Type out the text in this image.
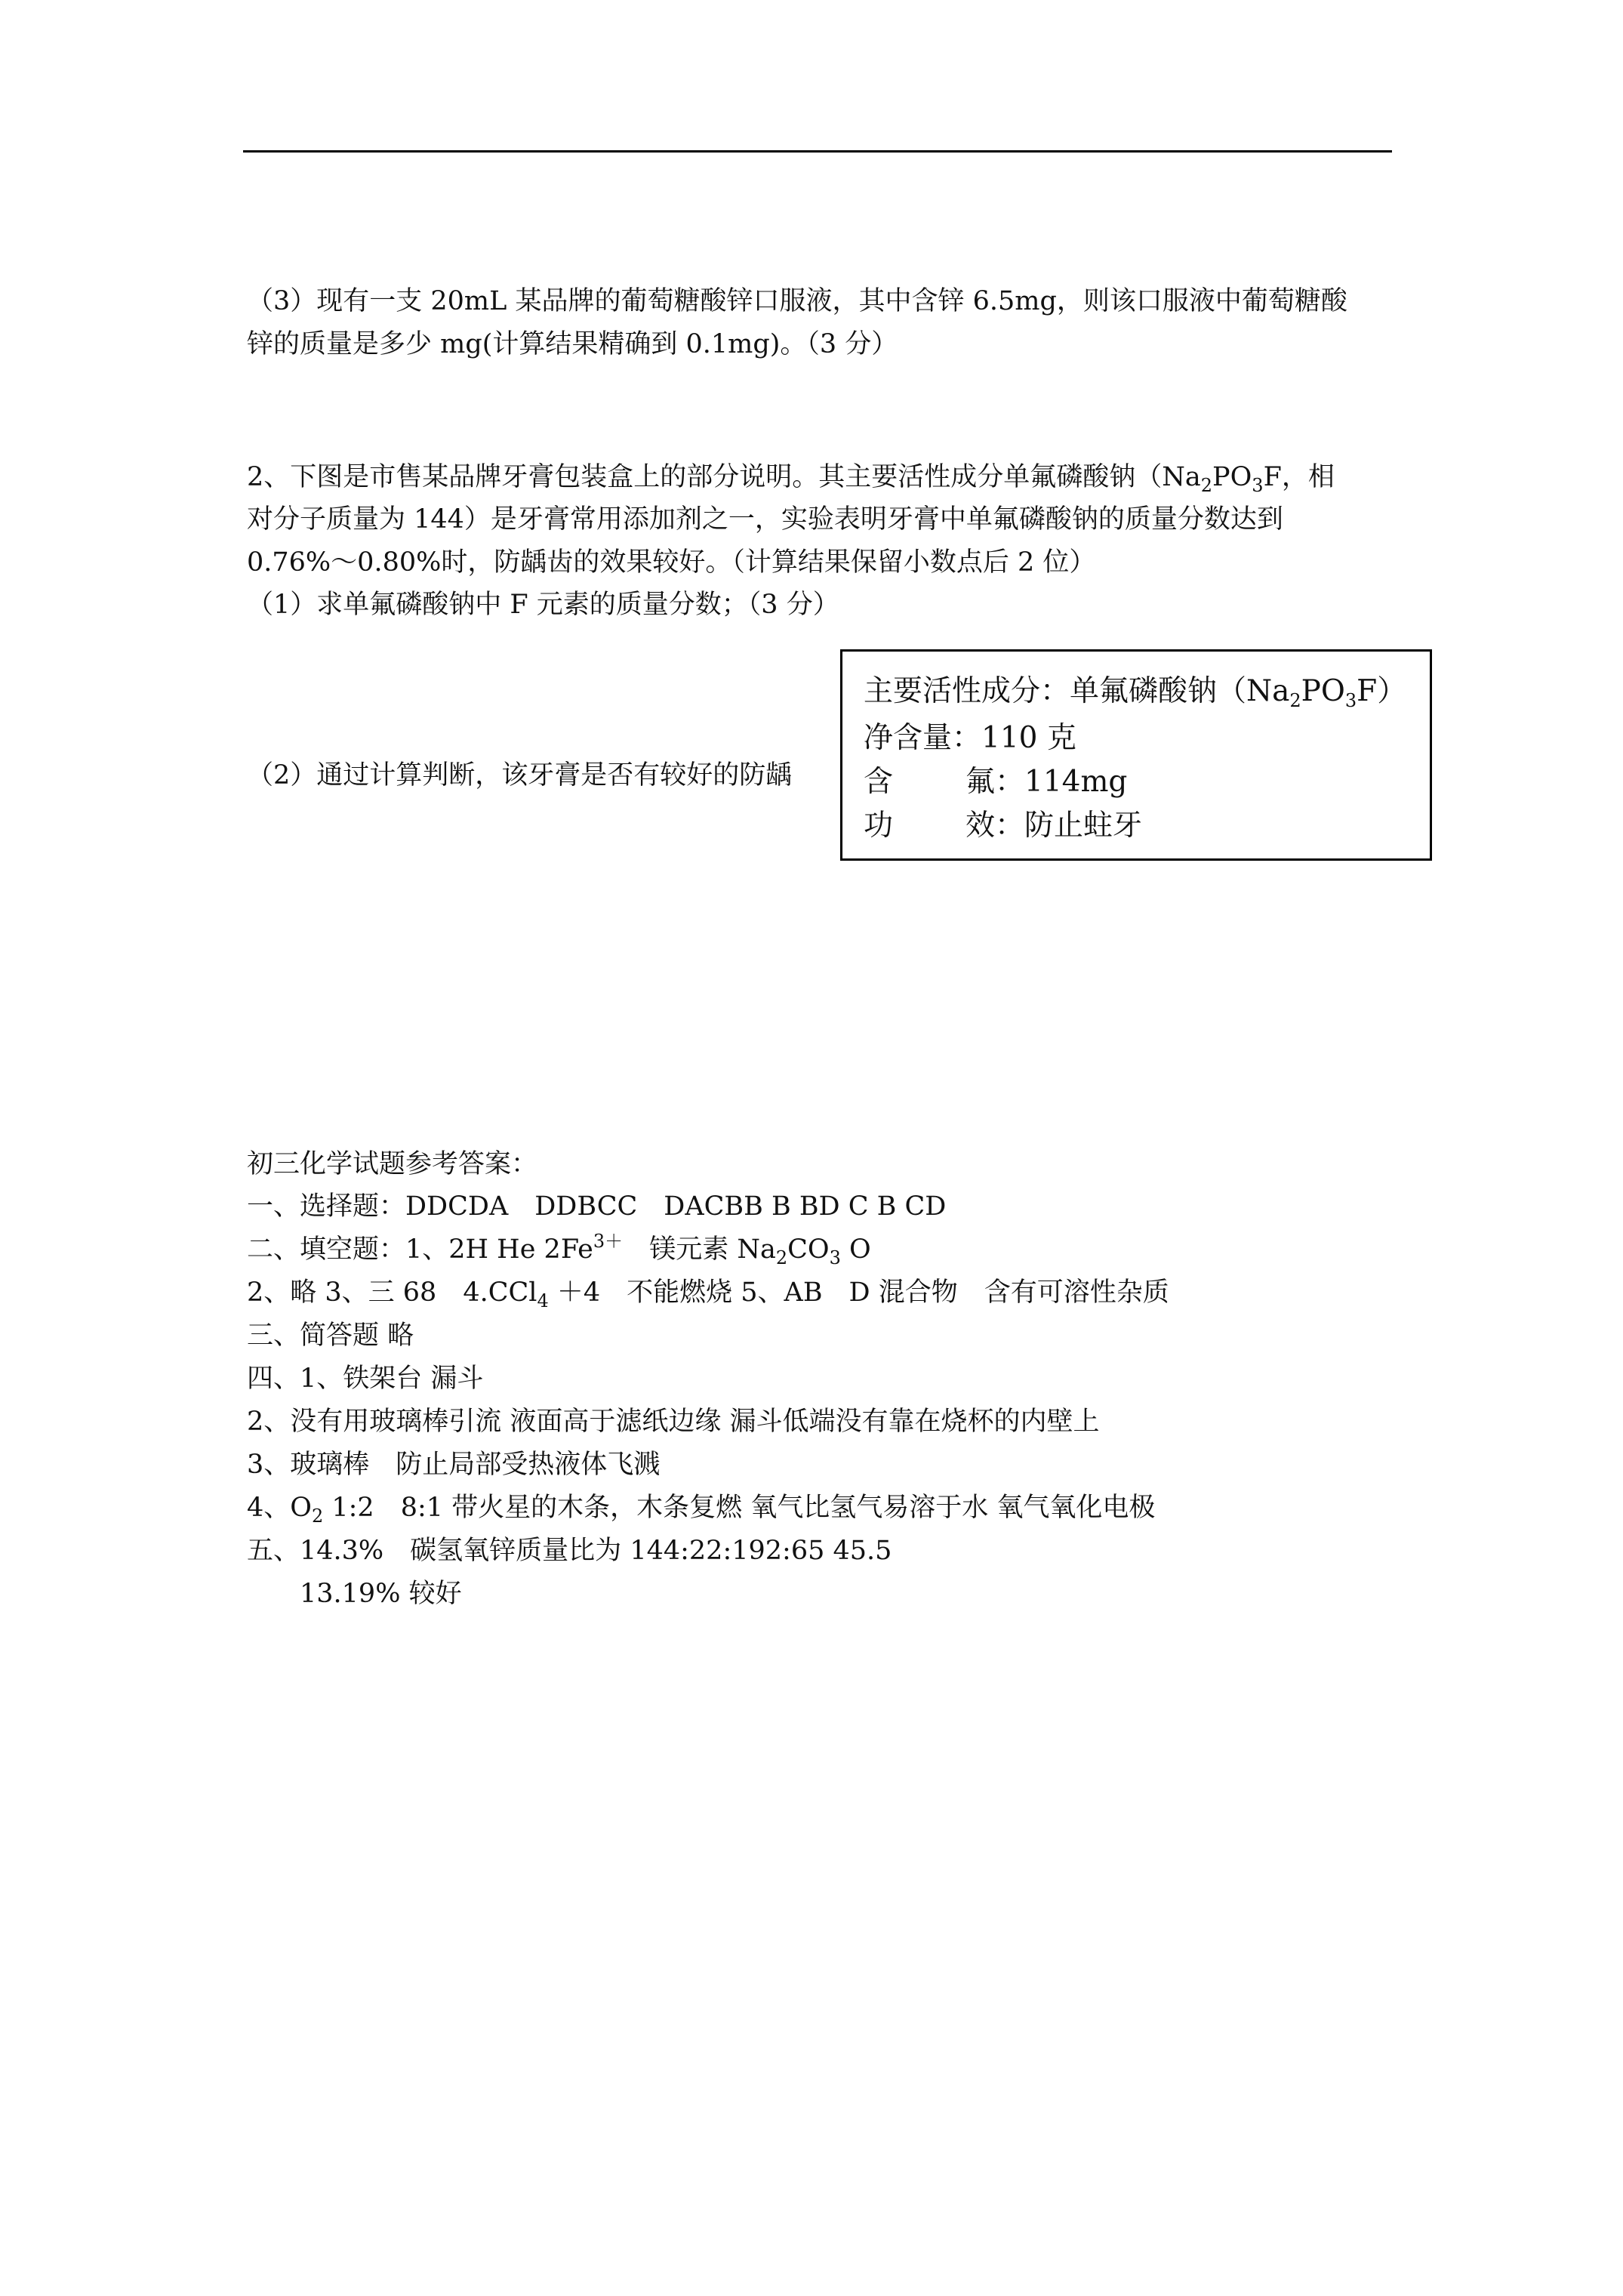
（3）现有一支 20mL 某品牌的葡萄糖酸锌口服液，其中含锌 6.5mg，则该口服液中葡萄糖酸
锌的质量是多少 mg(计算结果精确到 0.1mg)。（3 分）
2、下图是市售某品牌牙膏包装盒上的部分说明。其主要活性成分单氟磷酸钠（$Na_2PO_3F$，相
对分子质量为 144）是牙膏常用添加剂之一，实验表明牙膏中单氟磷酸钠的质量分数达到
0.76%～0.80%时，防龋齿的效果较好。（计算结果保留小数点后 2 位）
（1）求单氟磷酸钠中 F 元素的质量分数；（3 分）
（2）通过计算判断，该牙膏是否有较好的防龋
主要活性成分：单氟磷酸钠$(Na_2PO_3F)$
净含量：110 克
含 氟：114mg
功 效：防止蛀牙
初三化学试题参考答案：
一、选择题：DDCDA　DDBCC　DACBB B BD C B CD
二、填空题：1、2H He $2Fe^{3+}$　镁元素 $Na_2CO_3$ O
2、略 3、三 68　4.CCl$_4$ ＋4　不能燃烧 5、AB　D 混合物　含有可溶性杂质
三、简答题 略
四、1、铁架台 漏斗
2、没有用玻璃棒引流 液面高于滤纸边缘 漏斗低端没有靠在烧杯的内壁上
3、玻璃棒　防止局部受热液体飞溅
4、$O_2$ 1:2　8:1 带火星的木条，木条复燃 氧气比氢气易溶于水 氧气氧化电极
五、14.3%　碳氢氧锌质量比为 144:22:192:65 45.5
13.19% 较好
